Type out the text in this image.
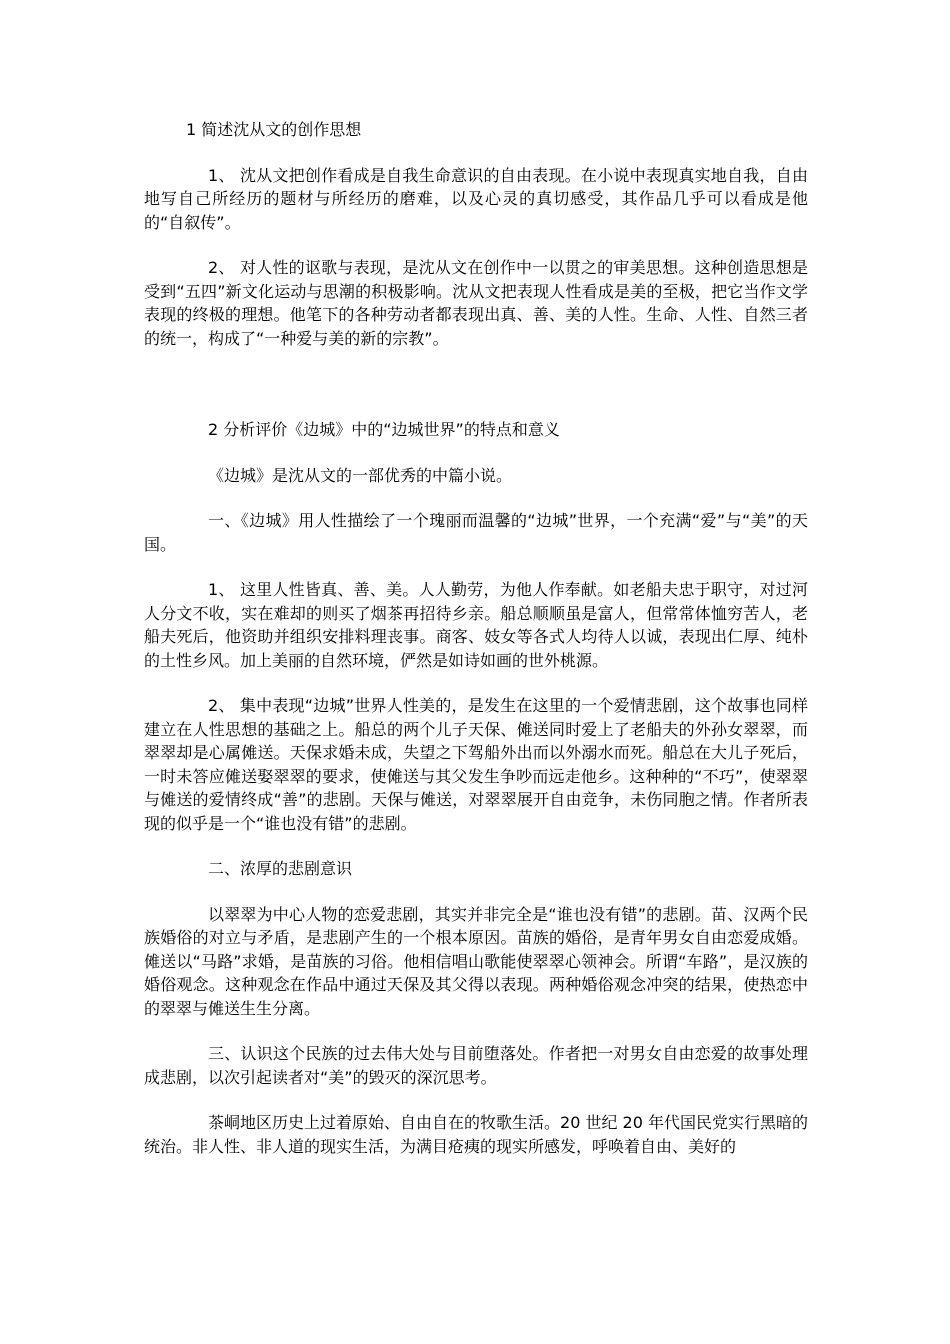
1 简述沈从文的创作思想

1、 沈从文把创作看成是自我生命意识的自由表现。在小说中表现真实地自我，自由地写自己所经历的题材与所经历的磨难，以及心灵的真切感受，其作品几乎可以看成是他的“自叙传”。

2、 对人性的讴歌与表现，是沈从文在创作中一以贯之的审美思想。这种创造思想是受到“五四”新文化运动与思潮的积极影响。沈从文把表现人性看成是美的至极，把它当作文学表现的终极的理想。他笔下的各种劳动者都表现出真、善、美的人性。生命、人性、自然三者的统一，构成了“一种爱与美的新的宗教”。

2 分析评价《边城》中的“边城世界”的特点和意义

《边城》是沈从文的一部优秀的中篇小说。

一、《边城》用人性描绘了一个瑰丽而温馨的“边城”世界，一个充满“爱”与“美”的天国。

1、 这里人性皆真、善、美。人人勤劳，为他人作奉献。如老船夫忠于职守，对过河人分文不收，实在难却的则买了烟茶再招待乡亲。船总顺顺虽是富人，但常常体恤穷苦人，老船夫死后，他资助并组织安排料理丧事。商客、妓女等各式人均待人以诚，表现出仁厚、纯朴的土性乡风。加上美丽的自然环境，俨然是如诗如画的世外桃源。

2、 集中表现“边城”世界人性美的，是发生在这里的一个爱情悲剧，这个故事也同样建立在人性思想的基础之上。船总的两个儿子天保、傩送同时爱上了老船夫的外孙女翠翠，而翠翠却是心属傩送。天保求婚未成，失望之下驾船外出而以外溺水而死。船总在大儿子死后，一时未答应傩送娶翠翠的要求，使傩送与其父发生争吵而远走他乡。这种种的“不巧”，使翠翠与傩送的爱情终成“善”的悲剧。天保与傩送，对翠翠展开自由竞争，未伤同胞之情。作者所表现的似乎是一个“谁也没有错”的悲剧。

二、浓厚的悲剧意识

以翠翠为中心人物的恋爱悲剧，其实并非完全是“谁也没有错”的悲剧。苗、汉两个民族婚俗的对立与矛盾，是悲剧产生的一个根本原因。苗族的婚俗，是青年男女自由恋爱成婚。傩送以“马路”求婚，是苗族的习俗。他相信唱山歌能使翠翠心领神会。所谓“车路”，是汉族的婚俗观念。这种观念在作品中通过天保及其父得以表现。两种婚俗观念冲突的结果，使热恋中的翠翠与傩送生生分离。

三、认识这个民族的过去伟大处与目前堕落处。作者把一对男女自由恋爱的故事处理成悲剧，以次引起读者对“美”的毁灭的深沉思考。

茶峒地区历史上过着原始、自由自在的牧歌生活。20 世纪 20 年代国民党实行黑暗的统治。非人性、非人道的现实生活，为满目疮痍的现实所感发，呼唤着自由、美好的
